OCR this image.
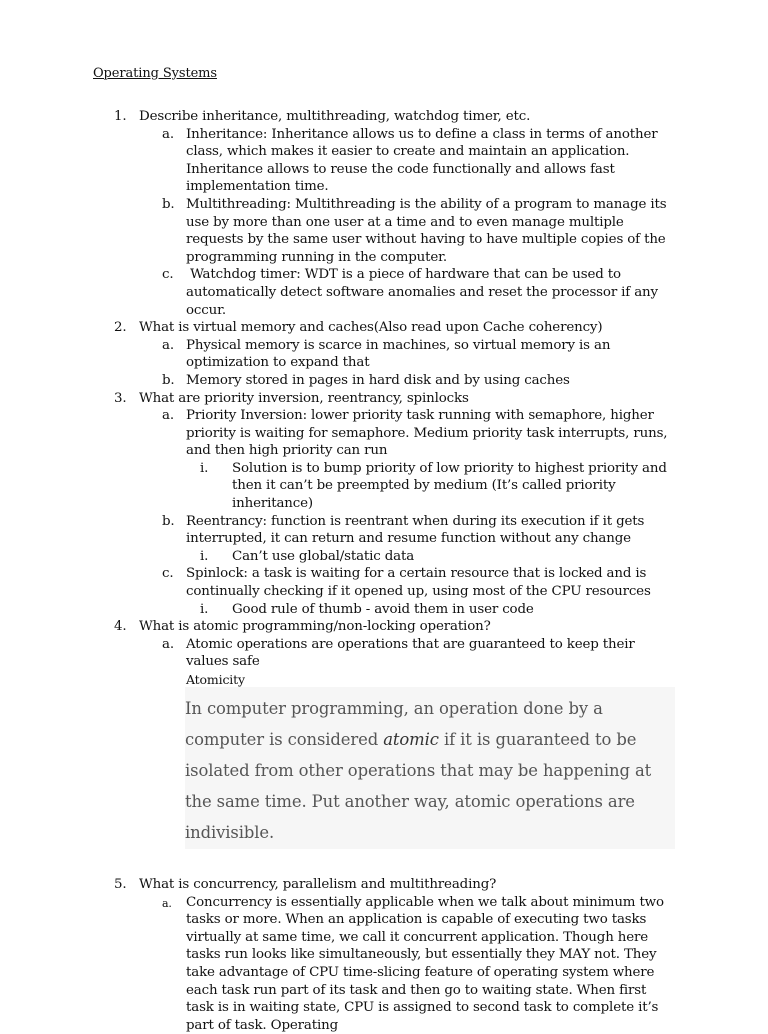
Operating Systems
1. Describe inheritance, multithreading, watchdog timer, etc.
a. Inheritance: Inheritance allows us to define a class in terms of another class, which makes it easier to create and maintain an application. Inheritance allows to reuse the code functionally and allows fast implementation time.
b. Multithreading: Multithreading is the ability of a program to manage its use by more than one user at a time and to even manage multiple requests by the same user without having to have multiple copies of the programming running in the computer.
c. Watchdog timer: WDT is a piece of hardware that can be used to automatically detect software anomalies and reset the processor if any occur.
2. What is virtual memory and caches(Also read upon Cache coherency)
a. Physical memory is scarce in machines, so virtual memory is an optimization to expand that
b. Memory stored in pages in hard disk and by using caches
3. What are priority inversion, reentrancy, spinlocks
a. Priority Inversion: lower priority task running with semaphore, higher priority is waiting for semaphore. Medium priority task interrupts, runs, and then high priority can run
i. Solution is to bump priority of low priority to highest priority and then it can’t be preempted by medium (It’s called priority inheritance)
b. Reentrancy: function is reentrant when during its execution if it gets interrupted, it can return and resume function without any change
i. Can’t use global/static data
c. Spinlock: a task is waiting for a certain resource that is locked and is continually checking if it opened up, using most of the CPU resources
i. Good rule of thumb - avoid them in user code
4. What is atomic programming/non-locking operation?
a. Atomic operations are operations that are guaranteed to keep their values safe
Atomicity
In computer programming, an operation done by a computer is considered atomic if it is guaranteed to be isolated from other operations that may be happening at the same time. Put another way, atomic operations are indivisible.
5. What is concurrency, parallelism and multithreading?
a. Concurrency is essentially applicable when we talk about minimum two tasks or more. When an application is capable of executing two tasks virtually at same time, we call it concurrent application. Though here tasks run looks like simultaneously, but essentially they MAY not. They take advantage of CPU time-slicing feature of operating system where each task run part of its task and then go to waiting state. When first task is in waiting state, CPU is assigned to second task to complete it’s part of task. Operating
